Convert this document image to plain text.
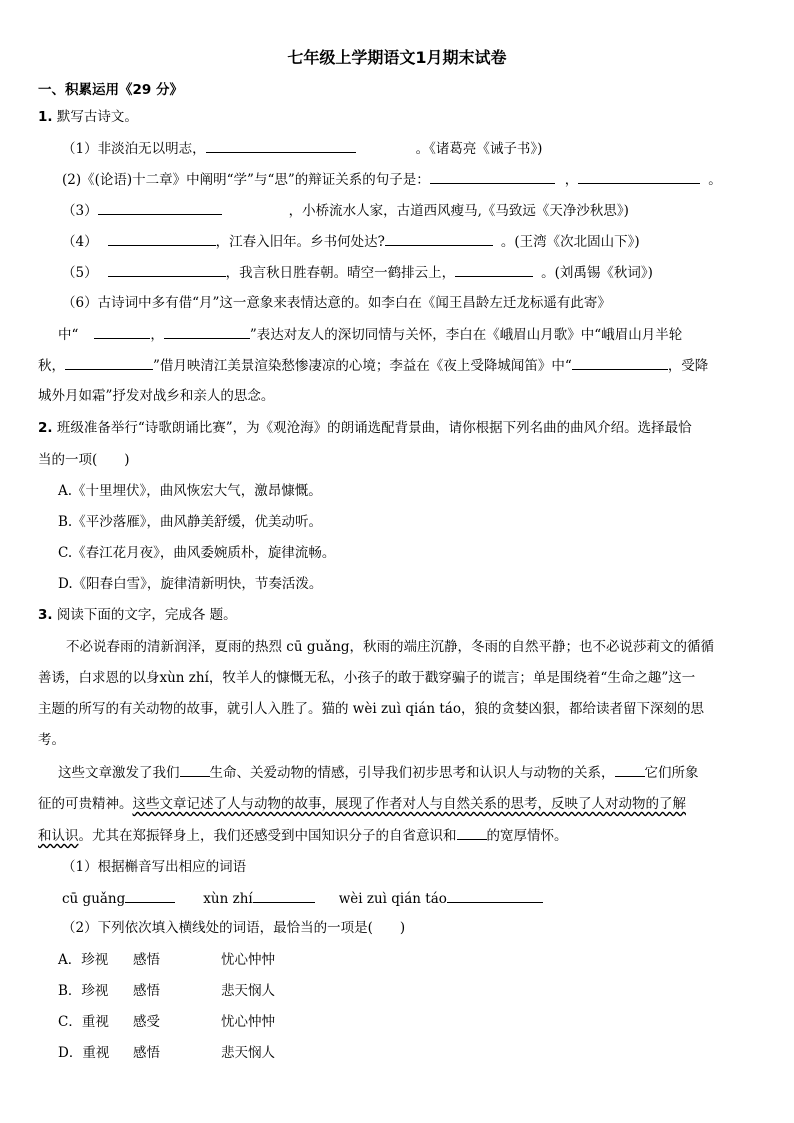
七年级上学期语文1月期末试卷
一、积累运用《29 分》
1. 默写古诗文。
（1）非淡泊无以明志，	。《诸葛亮《诫子书》)
(2)《(论语)十二章》中阐明“学”与“思”的辩证关系的句子是：	，	。
（3）	，小桥流水人家，古道西风瘦马,《马致远《天净沙秋思》)
（4）	，江春入旧年。乡书何处达?	。(王湾《次北固山下》)
（5）	，我言秋日胜春朝。晴空一鹤排云上，	。(刘禹锡《秋词》)
（6）古诗词中多有借“月”这一意象来表情达意的。如李白在《闻王昌龄左迁龙标遥有此寄》
中“	，	”表达对友人的深切同情与关怀，李白在《峨眉山月歌》中“峨眉山月半轮
秋，	”借月映清江美景渲染愁惨凄凉的心境；李益在《夜上受降城闻笛》中“	，受降
城外月如霜”抒发对战乡和亲人的思念。
2. 班级准备举行“诗歌朗诵比赛”，为《观沧海》的朗诵选配背景曲，请你根据下列名曲的曲风介绍。选择最恰
当的一项(　　)
A.《十里埋伏》，曲风恢宏大气，激昂慷慨。
B.《平沙落雁》，曲风静美舒缓，优美动听。
C.《春江花月夜》，曲风委婉质朴，旋律流畅。
D.《阳春白雪》，旋律清新明快，节奏活泼。
3. 阅读下面的文字，完成各 题。
不必说春雨的清新润泽，夏雨的热烈 cū guǎng，秋雨的端庄沉静，冬雨的自然平静；也不必说莎莉文的循循
善诱，白求恩的以身xùn zhí，牧羊人的慷慨无私，小孩子的敢于戳穿骗子的谎言；单是围绕着“生命之趣”这一
主题的所写的有关动物的故事，就引人入胜了。猫的 wèi zuì qián táo，狼的贪婪凶狠，都给读者留下深刻的思
考。
这些文章激发了我们 生命、关爱动物的情感，引导我们初步思考和认识人与动物的关系， 它们所象
征的可贵精神。这些文章记述了人与动物的故事，展现了作者对人与自然关系的思考，反映了人对动物的了解
和认识。尤其在郑振铎身上，我们还感受到中国知识分子的自省意识和 的宽厚情怀。
（1）根据槲音写出相应的词语
cū guǎng	xùn zhí	wèi zuì qián táo
（2）下列依次填入横线处的词语，最恰当的一项是(　　)
A．珍视 感悟	忧心忡忡
B．珍视 感悟	悲天悯人
C．重视 感受	忧心忡忡
D．重视 感悟	悲天悯人
